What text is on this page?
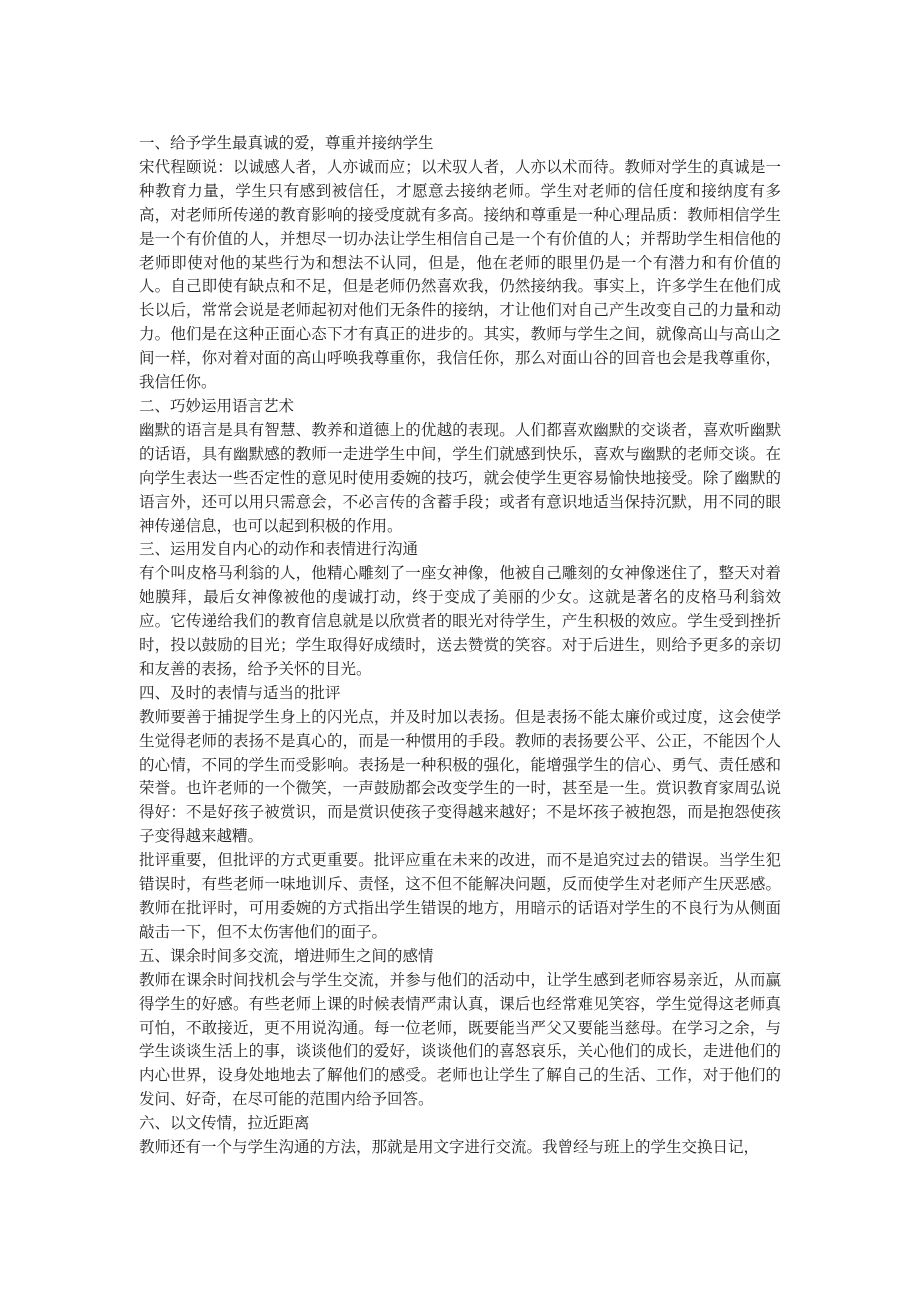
一、给予学生最真诚的爱，尊重并接纳学生

宋代程颐说：以诚感人者，人亦诚而应；以术驭人者，人亦以术而待。教师对学生的真诚是一种教育力量，学生只有感到被信任，才愿意去接纳老师。学生对老师的信任度和接纳度有多高，对老师所传递的教育影响的接受度就有多高。接纳和尊重是一种心理品质：教师相信学生是一个有价值的人，并想尽一切办法让学生相信自己是一个有价值的人；并帮助学生相信他的老师即使对他的某些行为和想法不认同，但是，他在老师的眼里仍是一个有潜力和有价值的人。自己即使有缺点和不足，但是老师仍然喜欢我，仍然接纳我。事实上，许多学生在他们成长以后，常常会说是老师起初对他们无条件的接纳，才让他们对自己产生改变自己的力量和动力。他们是在这种正面心态下才有真正的进步的。其实，教师与学生之间，就像高山与高山之间一样，你对着对面的高山呼唤我尊重你，我信任你，那么对面山谷的回音也会是我尊重你，我信任你。

二、巧妙运用语言艺术

幽默的语言是具有智慧、教养和道德上的优越的表现。人们都喜欢幽默的交谈者，喜欢听幽默的话语，具有幽默感的教师一走进学生中间，学生们就感到快乐，喜欢与幽默的老师交谈。在向学生表达一些否定性的意见时使用委婉的技巧，就会使学生更容易愉快地接受。除了幽默的语言外，还可以用只需意会，不必言传的含蓄手段；或者有意识地适当保持沉默，用不同的眼神传递信息，也可以起到积极的作用。

三、运用发自内心的动作和表情进行沟通

有个叫皮格马利翁的人，他精心雕刻了一座女神像，他被自己雕刻的女神像迷住了，整天对着她膜拜，最后女神像被他的虔诚打动，终于变成了美丽的少女。这就是著名的皮格马利翁效应。它传递给我们的教育信息就是以欣赏者的眼光对待学生，产生积极的效应。学生受到挫折时，投以鼓励的目光；学生取得好成绩时，送去赞赏的笑容。对于后进生，则给予更多的亲切和友善的表扬，给予关怀的目光。

四、及时的表情与适当的批评

教师要善于捕捉学生身上的闪光点，并及时加以表扬。但是表扬不能太廉价或过度，这会使学生觉得老师的表扬不是真心的，而是一种惯用的手段。教师的表扬要公平、公正，不能因个人的心情，不同的学生而受影响。表扬是一种积极的强化，能增强学生的信心、勇气、责任感和荣誉。也许老师的一个微笑，一声鼓励都会改变学生的一时，甚至是一生。赏识教育家周弘说得好：不是好孩子被赏识，而是赏识使孩子变得越来越好；不是坏孩子被抱怨，而是抱怨使孩子变得越来越糟。

批评重要，但批评的方式更重要。批评应重在未来的改进，而不是追究过去的错误。当学生犯错误时，有些老师一味地训斥、责怪，这不但不能解决问题，反而使学生对老师产生厌恶感。教师在批评时，可用委婉的方式指出学生错误的地方，用暗示的话语对学生的不良行为从侧面敲击一下，但不太伤害他们的面子。

五、课余时间多交流，增进师生之间的感情

教师在课余时间找机会与学生交流，并参与他们的活动中，让学生感到老师容易亲近，从而赢得学生的好感。有些老师上课的时候表情严肃认真，课后也经常难见笑容，学生觉得这老师真可怕，不敢接近，更不用说沟通。每一位老师，既要能当严父又要能当慈母。在学习之余，与学生谈谈生活上的事，谈谈他们的爱好，谈谈他们的喜怒哀乐，关心他们的成长，走进他们的内心世界，设身处地地去了解他们的感受。老师也让学生了解自己的生活、工作，对于他们的发问、好奇，在尽可能的范围内给予回答。

六、以文传情，拉近距离

教师还有一个与学生沟通的方法，那就是用文字进行交流。我曾经与班上的学生交换日记，
